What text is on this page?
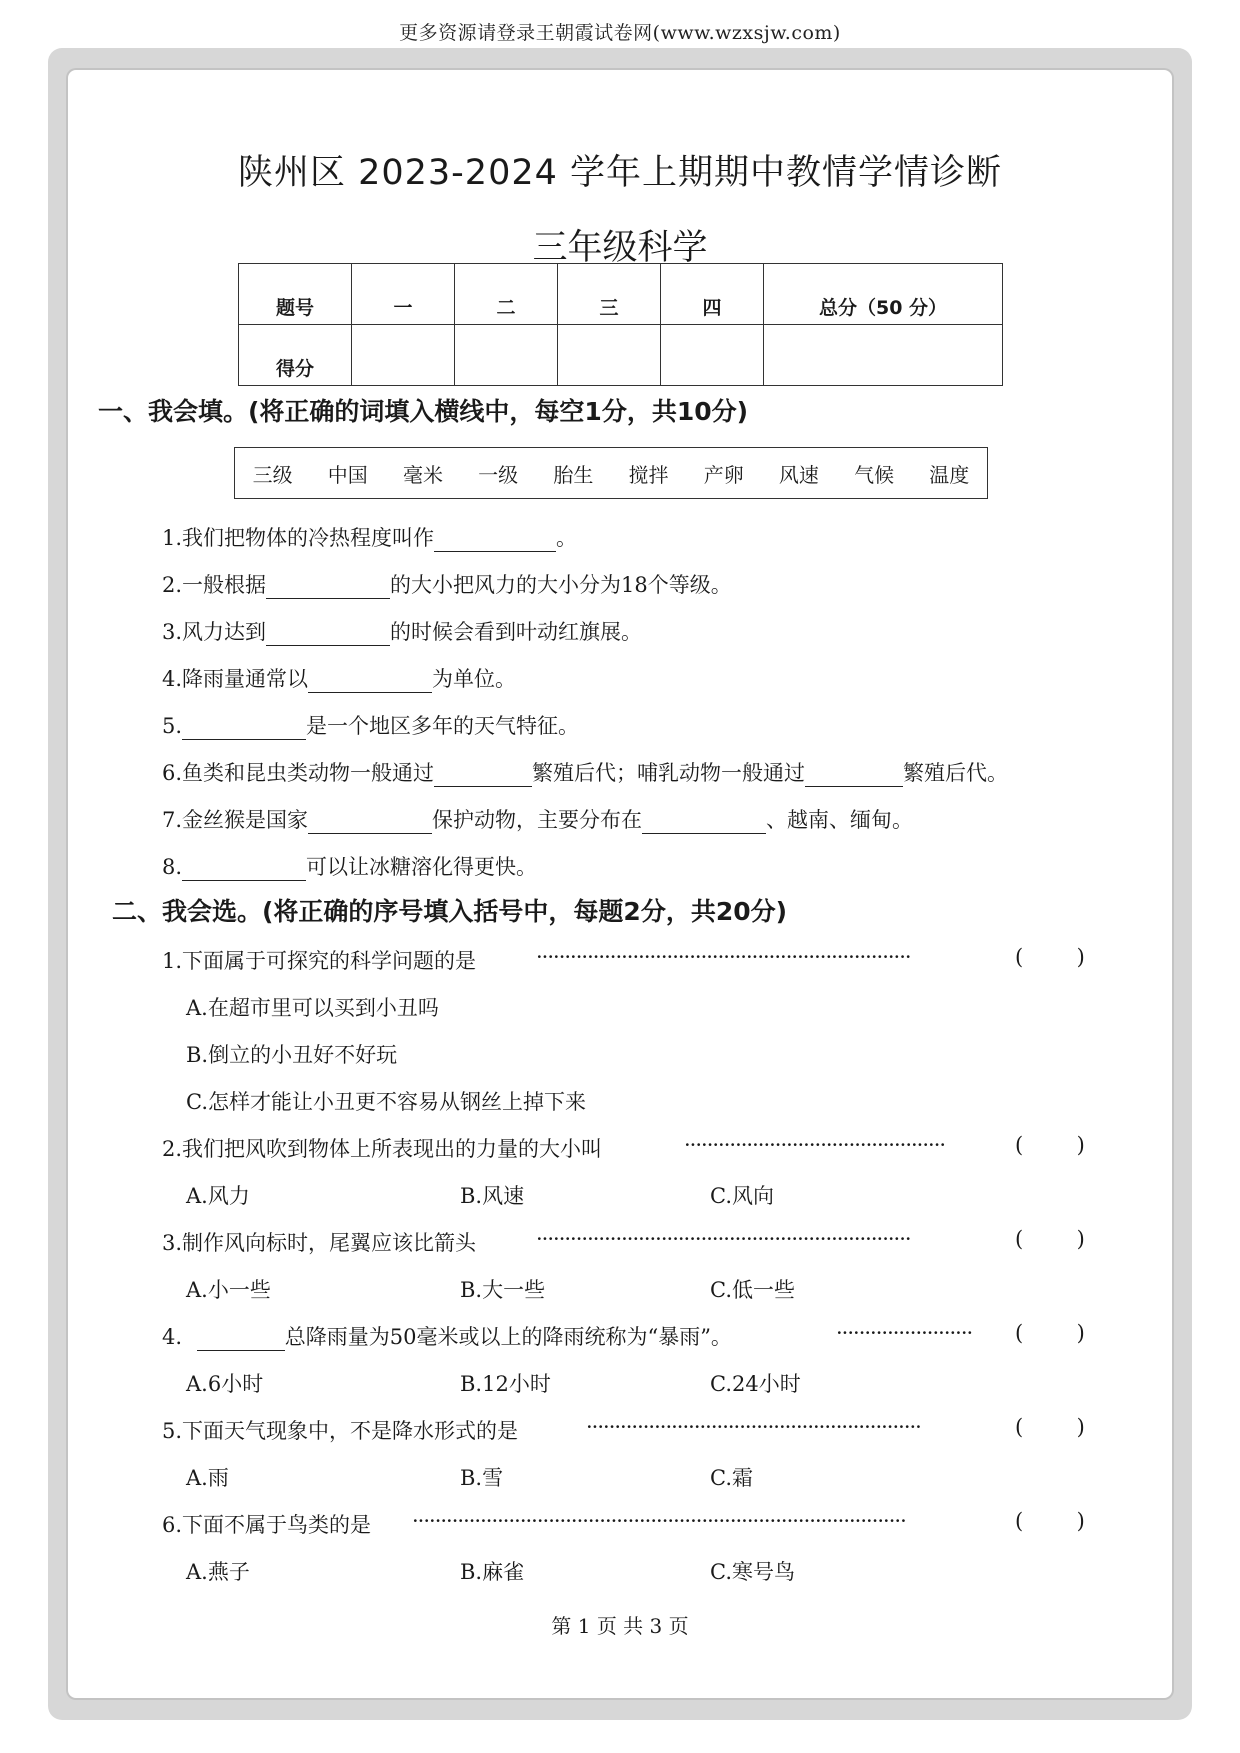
更多资源请登录王朝霞试卷网(www.wzxsjw.com)
陕州区 2023-2024 学年上期期中教情学情诊断
三年级科学
题号	一	二	三	四	总分（50 分）
得分					
一、我会填。(将正确的词填入横线中，每空1分，共10分)
三级 中国 毫米 一级 胎生 搅拌 产卵 风速 气候 温度
1.我们把物体的冷热程度叫作	。
2.一般根据	的大小把风力的大小分为18个等级。
3.风力达到	的时候会看到叶动红旗展。
4.降雨量通常以	为单位。
5.	是一个地区多年的天气特征。
6.鱼类和昆虫类动物一般通过	繁殖后代；哺乳动物一般通过	繁殖后代。
7.金丝猴是国家	保护动物，主要分布在	、越南、缅甸。
8.	可以让冰糖溶化得更快。
二、我会选。(将正确的序号填入括号中，每题2分，共20分)
1.下面属于可探究的科学问题的是	··································································	(        )
A.在超市里可以买到小丑吗
B.倒立的小丑好不好玩
C.怎样才能让小丑更不容易从钢丝上掉下来
2.我们把风吹到物体上所表现出的力量的大小叫	··············································	(        )
A.风力	B.风速	C.风向
3.制作风向标时，尾翼应该比箭头	··································································	(        )
A.小一些	B.大一些	C.低一些
4.	总降雨量为50毫米或以上的降雨统称为“暴雨”。	························	(        )
A.6小时	B.12小时	C.24小时
5.下面天气现象中，不是降水形式的是	···························································	(        )
A.雨	B.雪	C.霜
6.下面不属于鸟类的是 ·······················································································	(        )
A.燕子	B.麻雀	C.寒号鸟
第 1 页 共 3 页
